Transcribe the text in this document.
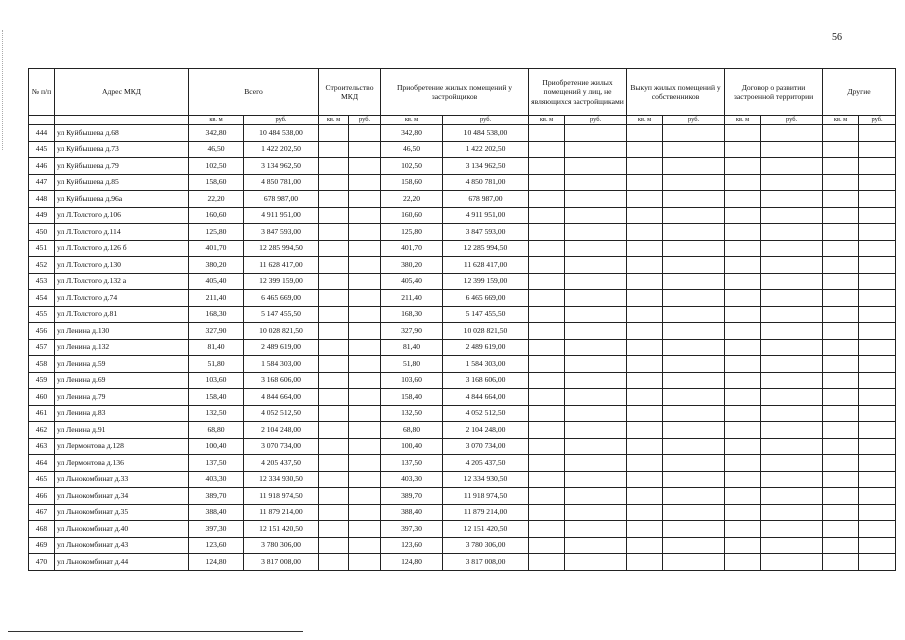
56
№ п/п	Адрес МКД	Всего		Строительство МКД		Приобретение жилых помещений у застройщиков		Приобретение жилых помещений у лиц, не являющихся застройщиками		Выкуп жилых помещений у собственников		Договор о развитии застроенной территории		Другие	
		кв. м	руб.	кв. м	руб.	кв. м	руб.	кв. м	руб.	кв. м	руб.	кв. м	руб.	кв. м	руб.
444	ул Куйбышева д.68	342,80	10 484 538,00			342,80	10 484 538,00								
445	ул Куйбышева д.73	46,50	1 422 202,50			46,50	1 422 202,50								
446	ул Куйбышева д.79	102,50	3 134 962,50			102,50	3 134 962,50								
447	ул Куйбышева д.85	158,60	4 850 781,00			158,60	4 850 781,00								
448	ул Куйбышева д.96а	22,20	678 987,00			22,20	678 987,00								
449	ул Л.Толстого д.106	160,60	4 911 951,00			160,60	4 911 951,00								
450	ул Л.Толстого д.114	125,80	3 847 593,00			125,80	3 847 593,00								
451	ул Л.Толстого д.126 б	401,70	12 285 994,50			401,70	12 285 994,50								
452	ул Л.Толстого д.130	380,20	11 628 417,00			380,20	11 628 417,00								
453	ул Л.Толстого д.132 а	405,40	12 399 159,00			405,40	12 399 159,00								
454	ул Л.Толстого д.74	211,40	6 465 669,00			211,40	6 465 669,00								
455	ул Л.Толстого д.81	168,30	5 147 455,50			168,30	5 147 455,50								
456	ул Ленина д.130	327,90	10 028 821,50			327,90	10 028 821,50								
457	ул Ленина д.132	81,40	2 489 619,00			81,40	2 489 619,00								
458	ул Ленина д.59	51,80	1 584 303,00			51,80	1 584 303,00								
459	ул Ленина д.69	103,60	3 168 606,00			103,60	3 168 606,00								
460	ул Ленина д.79	158,40	4 844 664,00			158,40	4 844 664,00								
461	ул Ленина д.83	132,50	4 052 512,50			132,50	4 052 512,50								
462	ул Ленина д.91	68,80	2 104 248,00			68,80	2 104 248,00								
463	ул Лермонтова д.128	100,40	3 070 734,00			100,40	3 070 734,00								
464	ул Лермонтова д.136	137,50	4 205 437,50			137,50	4 205 437,50								
465	ул Льнокомбинат д.33	403,30	12 334 930,50			403,30	12 334 930,50								
466	ул Льнокомбинат д.34	389,70	11 918 974,50			389,70	11 918 974,50								
467	ул Льнокомбинат д.35	388,40	11 879 214,00			388,40	11 879 214,00								
468	ул Льнокомбинат д.40	397,30	12 151 420,50			397,30	12 151 420,50								
469	ул Льнокомбинат д.43	123,60	3 780 306,00			123,60	3 780 306,00								
470	ул Льнокомбинат д.44	124,80	3 817 008,00			124,80	3 817 008,00								
